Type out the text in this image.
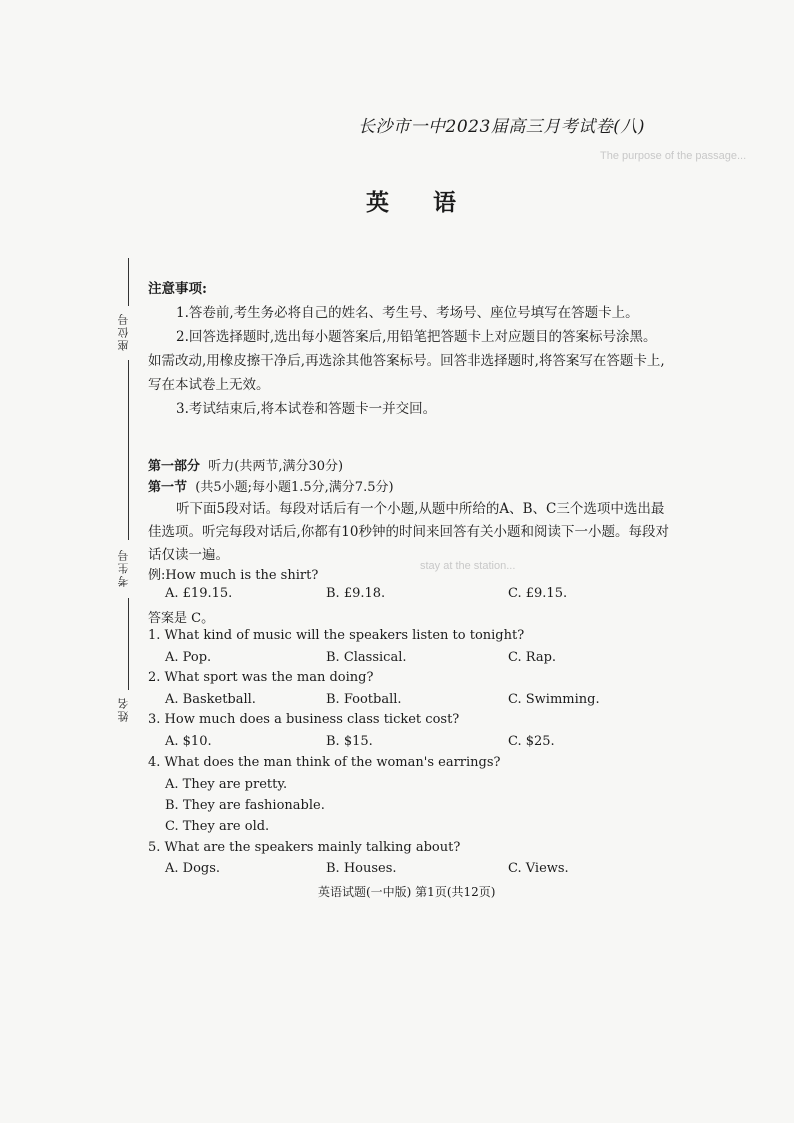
The purpose of the passage...
stay at the station...
长沙市一中2023届高三月考试卷(八)
英 语
座位号
考生号
姓名

注意事项:

1.答卷前,考生务必将自己的姓名、考生号、考场号、座位号填写在答题卡上。

2.回答选择题时,选出每小题答案后,用铅笔把答题卡上对应题目的答案标号涂黑。如需改动,用橡皮擦干净后,再选涂其他答案标号。回答非选择题时,将答案写在答题卡上,写在本试卷上无效。

3.考试结束后,将本试卷和答题卡一并交回。

第一部分 听力(共两节,满分30分)
第一节 (共5小题;每小题1.5分,满分7.5分)

听下面5段对话。每段对话后有一个小题,从题中所给的A、B、C三个选项中选出最佳选项。听完每段对话后,你都有10秒钟的时间来回答有关小题和阅读下一小题。每段对话仅读一遍。

例:How much is the shirt?
A. £19.15.	B. £9.18.	C. £9.15.
答案是 C。
1. What kind of music will the speakers listen to tonight?
A. Pop.	B. Classical.	C. Rap.
2. What sport was the man doing?
A. Basketball.	B. Football.	C. Swimming.
3. How much does a business class ticket cost?
A. $10.	B. $15.	C. $25.
4. What does the man think of the woman's earrings?
A. They are pretty.
B. They are fashionable.
C. They are old.
5. What are the speakers mainly talking about?
A. Dogs.	B. Houses.	C. Views.
英语试题(一中版) 第1页(共12页)
